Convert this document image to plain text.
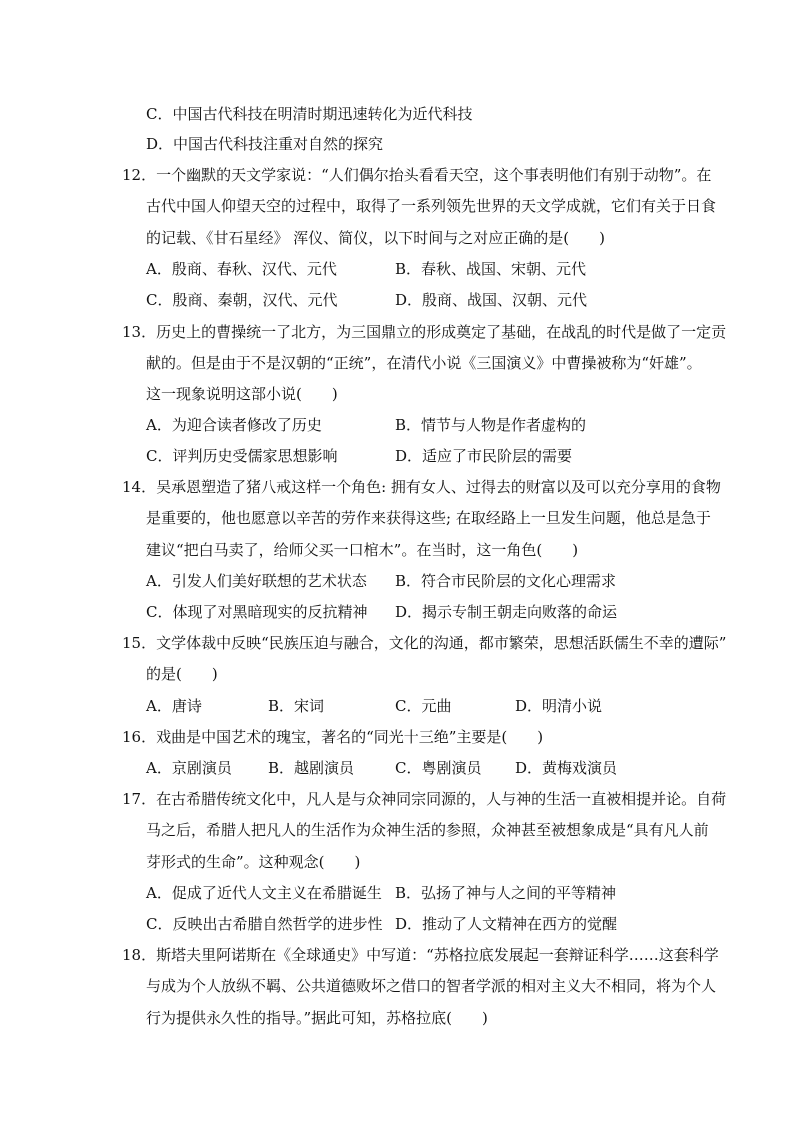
C．中国古代科技在明清时期迅速转化为近代科技
D．中国古代科技注重对自然的探究
12．一个幽默的天文学家说：“人们偶尔抬头看看天空，这个事表明他们有别于动物”。在
古代中国人仰望天空的过程中，取得了一系列领先世界的天文学成就，它们有关于日食
的记载、《甘石星经》 浑仪、简仪，以下时间与之对应正确的是(　　)
A．殷商、春秋、汉代、元代	B．春秋、战国、宋朝、元代
C．殷商、秦朝，汉代、元代	D．殷商、战国、汉朝、元代
13．历史上的曹操统一了北方，为三国鼎立的形成奠定了基础，在战乱的时代是做了一定贡
献的。但是由于不是汉朝的“正统”，在清代小说《三国演义》中曹操被称为“奸雄”。
这一现象说明这部小说(　　)
A．为迎合读者修改了历史	B．情节与人物是作者虚构的
C．评判历史受儒家思想影响	D．适应了市民阶层的需要
14．吴承恩塑造了猪八戒这样一个角色: 拥有女人、过得去的财富以及可以充分享用的食物
是重要的，他也愿意以辛苦的劳作来获得这些; 在取经路上一旦发生问题，他总是急于
建议“把白马卖了，给师父买一口棺木”。在当时，这一角色(　　)
A．引发人们美好联想的艺术状态 B．符合市民阶层的文化心理需求
C．体现了对黑暗现实的反抗精神 D．揭示专制王朝走向败落的命运
15．文学体裁中反映“民族压迫与融合，文化的沟通，都市繁荣，思想活跃儒生不幸的遭际”
的是(　　)
A．唐诗	B．宋词	C．元曲	D．明清小说
16．戏曲是中国艺术的瑰宝，著名的“同光十三绝”主要是(　　)
A．京剧演员 B．越剧演员	C．粤剧演员 D．黄梅戏演员
17．在古希腊传统文化中，凡人是与众神同宗同源的，人与神的生活一直被相提并论。自荷
马之后，希腊人把凡人的生活作为众神生活的参照，众神甚至被想象成是“具有凡人前
芽形式的生命”。这种观念(　　)
A．促成了近代人文主义在希腊诞生 B．弘扬了神与人之间的平等精神
C．反映出古希腊自然哲学的进步性 D．推动了人文精神在西方的觉醒
18．斯塔夫里阿诺斯在《全球通史》中写道：“苏格拉底发展起一套辩证科学……这套科学
与成为个人放纵不羁、公共道德败坏之借口的智者学派的相对主义大不相同，将为个人
行为提供永久性的指导。”据此可知，苏格拉底(　　)
